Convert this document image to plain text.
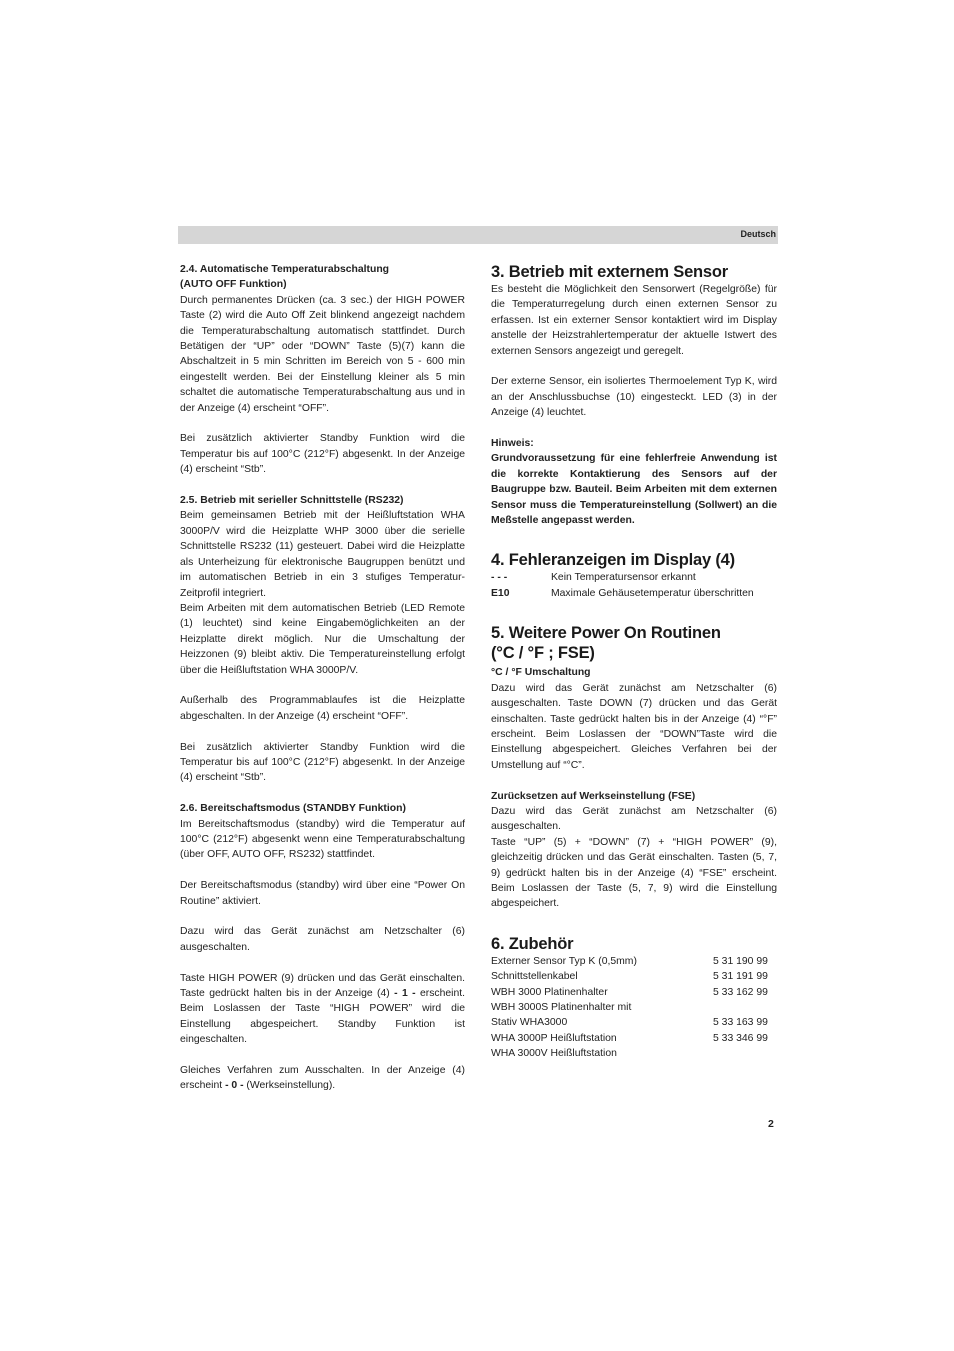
Deutsch

2.4. Automatische Temperaturabschaltung

(AUTO OFF Funktion)

Durch permanentes Drücken (ca. 3 sec.) der HIGH POWER Taste (2) wird die Auto Off Zeit blinkend angezeigt nachdem die Temperaturabschaltung automatisch stattfindet. Durch Betätigen der “UP” oder “DOWN” Taste (5)(7) kann die Abschaltzeit in 5 min Schritten im Bereich von 5 - 600 min eingestellt werden. Bei der Einstellung kleiner als 5 min schaltet die automatische Temperaturabschaltung aus und in der Anzeige (4) erscheint “OFF”.

Bei zusätzlich aktivierter Standby Funktion wird die Temperatur bis auf 100°C (212°F) abgesenkt. In der Anzeige (4) erscheint “Stb”.

2.5. Betrieb mit serieller Schnittstelle (RS232)

Beim gemeinsamen Betrieb mit der Heißluftstation WHA 3000P/V wird die Heizplatte WHP 3000 über die serielle Schnittstelle RS232 (11) gesteuert. Dabei wird die Heizplatte als Unterheizung für elektronische Baugruppen benützt und im automatischen Betrieb in ein 3 stufiges Temperatur-Zeitprofil integriert.

Beim Arbeiten mit dem automatischen Betrieb (LED Remote (1) leuchtet) sind keine Eingabemöglichkeiten an der Heizplatte direkt möglich. Nur die Umschaltung der Heizzonen (9) bleibt aktiv. Die Temperatureinstellung erfolgt über die Heißluftstation WHA 3000P/V.

Außerhalb des Programmablaufes ist die Heizplatte abgeschalten. In der Anzeige (4) erscheint “OFF”.

Bei zusätzlich aktivierter Standby Funktion wird die Temperatur bis auf 100°C (212°F) abgesenkt. In der Anzeige (4) erscheint “Stb”.

2.6. Bereitschaftsmodus (STANDBY Funktion)

Im Bereitschaftsmodus (standby) wird die Temperatur auf 100°C (212°F) abgesenkt wenn eine Temperaturabschaltung (über OFF, AUTO OFF, RS232) stattfindet.

Der Bereitschaftsmodus (standby) wird über eine “Power On Routine” aktiviert.

Dazu wird das Gerät zunächst am Netzschalter (6) ausgeschalten.

Taste HIGH POWER (9) drücken und das Gerät einschalten. Taste gedrückt halten bis in der Anzeige (4) - 1 - erscheint. Beim Loslassen der Taste “HIGH POWER” wird die Einstellung abgespeichert. Standby Funktion ist eingeschalten.

Gleiches Verfahren zum Ausschalten. In der Anzeige (4) erscheint - 0 - (Werkseinstellung).

3. Betrieb mit externem Sensor

Es besteht die Möglichkeit den Sensorwert (Regelgröße) für die Temperaturregelung durch einen externen Sensor zu erfassen. Ist ein externer Sensor kontaktiert wird im Display anstelle der Heizstrahlertemperatur der aktuelle Istwert des externen Sensors angezeigt und geregelt.

Der externe Sensor, ein isoliertes Thermoelement Typ K, wird an der Anschlussbuchse (10) eingesteckt. LED (3) in der Anzeige (4) leuchtet.

Hinweis:

Grundvoraussetzung für eine fehlerfreie Anwendung ist die korrekte Kontaktierung des Sensors auf der Baugruppe bzw. Bauteil. Beim Arbeiten mit dem externen Sensor muss die Temperatureinstellung (Sollwert) an die Meßstelle angepasst werden.

4. Fehleranzeigen im Display (4)
- - -	Kein Temperatursensor erkannt
E10	Maximale Gehäusetemperatur überschritten
5. Weitere Power On Routinen
(°C / °F ; FSE)

°C / °F Umschaltung

Dazu wird das Gerät zunächst am Netzschalter (6) ausgeschalten. Taste DOWN (7) drücken und das Gerät einschalten. Taste gedrückt halten bis in der Anzeige (4) “°F” erscheint. Beim Loslassen der “DOWN”Taste wird die Einstellung abgespeichert. Gleiches Verfahren bei der Umstellung auf “°C”.

Zurücksetzen auf Werkseinstellung (FSE)

Dazu wird das Gerät zunächst am Netzschalter (6) ausgeschalten.

Taste “UP” (5) + “DOWN” (7) + “HIGH POWER” (9), gleichzeitig drücken und das Gerät einschalten. Tasten (5, 7, 9) gedrückt halten bis in der Anzeige (4) “FSE” erscheint. Beim Loslassen der Taste (5, 7, 9) wird die Einstellung abgespeichert.

6. Zubehör
Externer Sensor Typ K (0,5mm)	5 31 190 99
Schnittstellenkabel	5 31 191 99
WBH 3000 Platinenhalter	5 33 162 99
WBH 3000S Platinenhalter mit
Stativ WHA3000	5 33 163 99
WHA 3000P Heißluftstation	5 33 346 99
WHA 3000V Heißluftstation
2
